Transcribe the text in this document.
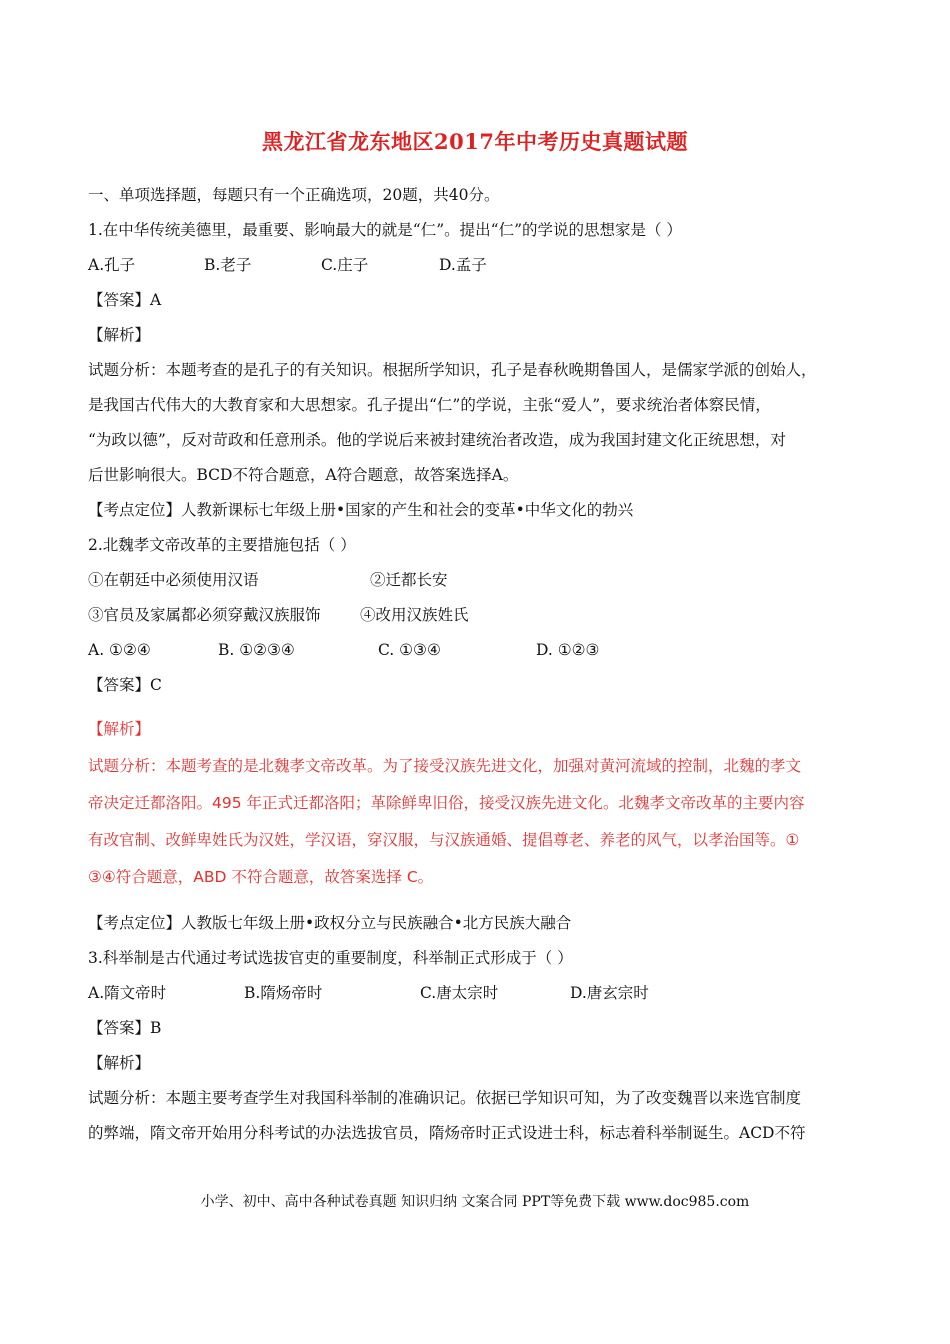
黑龙江省龙东地区2017年中考历史真题试题
一、单项选择题，每题只有一个正确选项，20题，共40分。
1.在中华传统美德里，最重要、影响最大的就是“仁”。提出“仁”的学说的思想家是（ ）
A.孔子	B.老子	C.庄子	D.孟子
【答案】A
【解析】
试题分析：本题考查的是孔子的有关知识。根据所学知识，孔子是春秋晚期鲁国人，是儒家学派的创始人，
是我国古代伟大的大教育家和大思想家。孔子提出“仁”的学说，主张“爱人”，要求统治者体察民情，
“为政以德”，反对苛政和任意刑杀。他的学说后来被封建统治者改造，成为我国封建文化正统思想，对
后世影响很大。BCD不符合题意，A符合题意，故答案选择A。
【考点定位】人教新课标七年级上册•国家的产生和社会的变革•中华文化的勃兴
2.北魏孝文帝改革的主要措施包括（ ）
①在朝廷中必须使用汉语	②迁都长安
③官员及家属都必须穿戴汉族服饰	④改用汉族姓氏
A. ①②④	B. ①②③④	C. ①③④	D. ①②③
【答案】C
【解析】
试题分析：本题考查的是北魏孝文帝改革。为了接受汉族先进文化，加强对黄河流域的控制，北魏的孝文
帝决定迁都洛阳。495 年正式迁都洛阳；革除鲜卑旧俗，接受汉族先进文化。北魏孝文帝改革的主要内容
有改官制、改鲜卑姓氏为汉姓，学汉语，穿汉服，与汉族通婚、提倡尊老、养老的风气，以孝治国等。①
③④符合题意，ABD 不符合题意，故答案选择 C。
【考点定位】人教版七年级上册•政权分立与民族融合•北方民族大融合
3.科举制是古代通过考试选拔官吏的重要制度，科举制正式形成于（ ）
A.隋文帝时	B.隋炀帝时	C.唐太宗时	D.唐玄宗时
【答案】B
【解析】
试题分析：本题主要考查学生对我国科举制的准确识记。依据已学知识可知，为了改变魏晋以来选官制度
的弊端，隋文帝开始用分科考试的办法选拔官员，隋炀帝时正式设进士科，标志着科举制诞生。ACD不符
小学、初中、高中各种试卷真题 知识归纳 文案合同 PPT等免费下载 www.doc985.com
